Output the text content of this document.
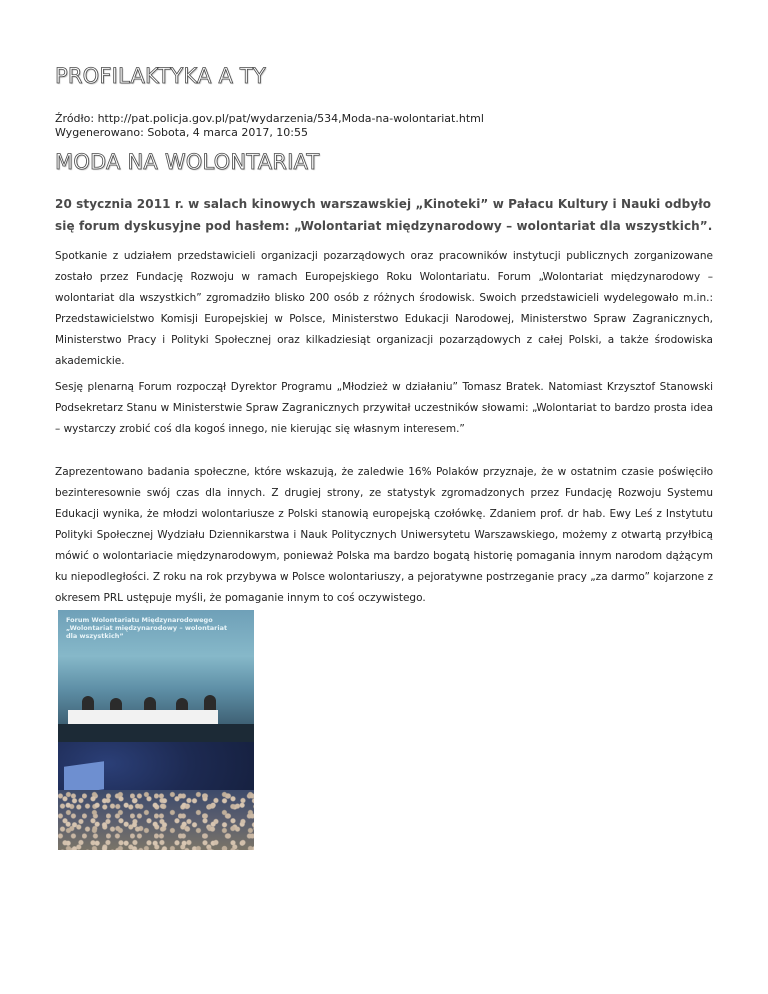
PROFILAKTYKA A TY
Źródło: http://pat.policja.gov.pl/pat/wydarzenia/534,Moda-na-wolontariat.html
Wygenerowano: Sobota, 4 marca 2017, 10:55
MODA NA WOLONTARIAT

20 stycznia 2011 r. w salach kinowych warszawskiej „Kinoteki” w Pałacu Kultury i Nauki odbyło się forum dyskusyjne pod hasłem: „Wolontariat międzynarodowy – wolontariat dla wszystkich”.

Spotkanie z udziałem przedstawicieli organizacji pozarządowych oraz pracowników instytucji publicznych zorganizowane zostało przez Fundację Rozwoju w ramach Europejskiego Roku Wolontariatu. Forum „Wolontariat międzynarodowy – wolontariat dla wszystkich” zgromadziło blisko 200 osób z różnych środowisk. Swoich przedstawicieli wydelegowało m.in.: Przedstawicielstwo Komisji Europejskiej w Polsce, Ministerstwo Edukacji Narodowej, Ministerstwo Spraw Zagranicznych, Ministerstwo Pracy i Polityki Społecznej oraz kilkadziesiąt organizacji pozarządowych z całej Polski, a także środowiska akademickie.

Sesję plenarną Forum rozpoczął Dyrektor Programu „Młodzież w działaniu” Tomasz Bratek. Natomiast Krzysztof Stanowski Podsekretarz Stanu w Ministerstwie Spraw Zagranicznych przywitał uczestników słowami: „Wolontariat to bardzo prosta idea – wystarczy zrobić coś dla kogoś innego, nie kierując się własnym interesem.”

Zaprezentowano badania społeczne, które wskazują, że zaledwie 16% Polaków przyznaje, że w ostatnim czasie poświęciło bezinteresownie swój czas dla innych. Z drugiej strony, ze statystyk zgromadzonych przez Fundację Rozwoju Systemu Edukacji wynika, że młodzi wolontariusze z Polski stanowią europejską czołówkę. Zdaniem prof. dr hab. Ewy Leś z Instytutu Polityki Społecznej Wydziału Dziennikarstwa i Nauk Politycznych Uniwersytetu Warszawskiego, możemy z otwartą przyłbicą mówić o wolontariacie międzynarodowym, ponieważ Polska ma bardzo bogatą historię pomagania innym narodom dążącym ku niepodległości. Z roku na rok przybywa w Polsce wolontariuszy, a pejoratywne postrzeganie pracy „za darmo” kojarzone z okresem PRL ustępuje myśli, że pomaganie innym to coś oczywistego.

Forum Wolontariatu Międzynarodowego „Wolontariat międzynarodowy – wolontariat dla wszystkich”
